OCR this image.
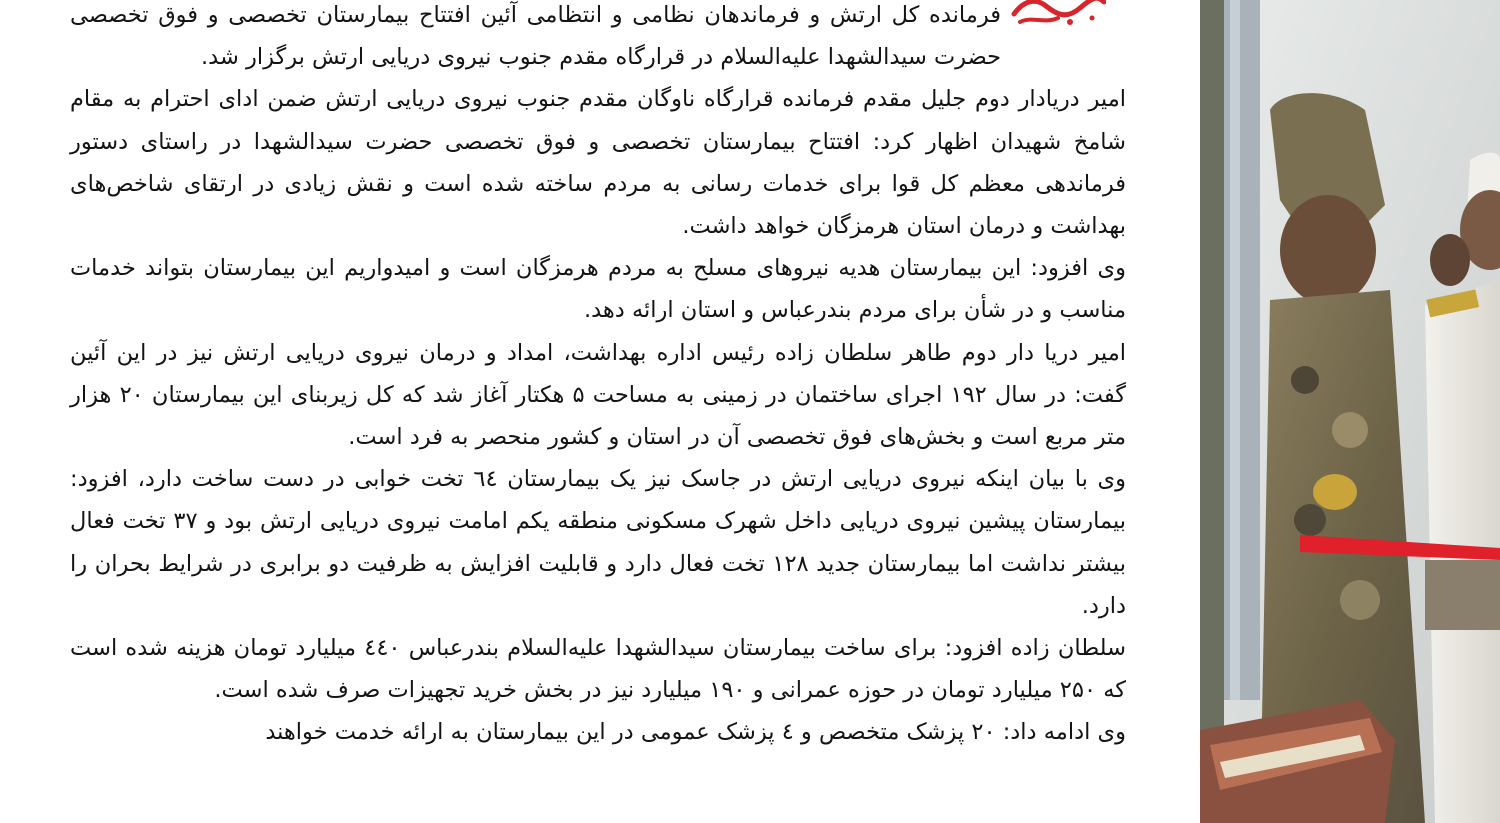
فرمانده کل ارتش و فرماندهان نظامی و انتظامی آئین افتتاح بیمارستان تخصصی و فوق تخصصی حضرت سیدالشهدا علیه‌السلام در قرارگاه مقدم جنوب نیروی دریایی ارتش برگزار شد.

امیر دریادار دوم جلیل مقدم فرمانده قرارگاه ناوگان مقدم جنوب نیروی دریایی ارتش ضمن ادای احترام به مقام شامخ شهیدان اظهار کرد: افتتاح بیمارستان تخصصی و فوق تخصصی حضرت سیدالشهدا در راستای دستور فرماندهی معظم کل قوا برای خدمات رسانی به مردم ساخته شده است و نقش زیادی در ارتقای شاخص‌های بهداشت و درمان استان هرمزگان خواهد داشت.

وی افزود: این بیمارستان هدیه نیروهای مسلح به مردم هرمزگان است و امیدواریم این بیمارستان بتواند خدمات مناسب و در شأن برای مردم بندرعباس و استان ارائه دهد.

امیر دریا دار دوم طاهر سلطان زاده رئیس اداره بهداشت، امداد و درمان نیروی دریایی ارتش نیز در این آئین گفت: در سال ۱۹۲ اجرای ساختمان در زمینی به مساحت ۵ هکتار آغاز شد که کل زیربنای این بیمارستان ۲۰ هزار متر مربع است و بخش‌های فوق تخصصی آن در استان و کشور منحصر به فرد است.

وی با بیان اینکه نیروی دریایی ارتش در جاسک نیز یک بیمارستان ٦٤ تخت خوابی در دست ساخت دارد، افزود: بیمارستان پیشین نیروی دریایی داخل شهرک مسکونی منطقه یکم امامت نیروی دریایی ارتش بود و ۳۷ تخت فعال بیشتر نداشت اما بیمارستان جدید ۱۲۸ تخت فعال دارد و قابلیت افزایش به ظرفیت دو برابری در شرایط بحران را دارد.

سلطان زاده افزود: برای ساخت بیمارستان سیدالشهدا علیه‌السلام بندرعباس ٤٤٠ میلیارد تومان هزینه شده است که ۲۵۰ میلیارد تومان در حوزه عمرانی و ۱۹۰ میلیارد نیز در بخش خرید تجهیزات صرف شده است.

وی ادامه داد: ۲۰ پزشک متخصص و ٤ پزشک عمومی در این بیمارستان به ارائه خدمت خواهند
